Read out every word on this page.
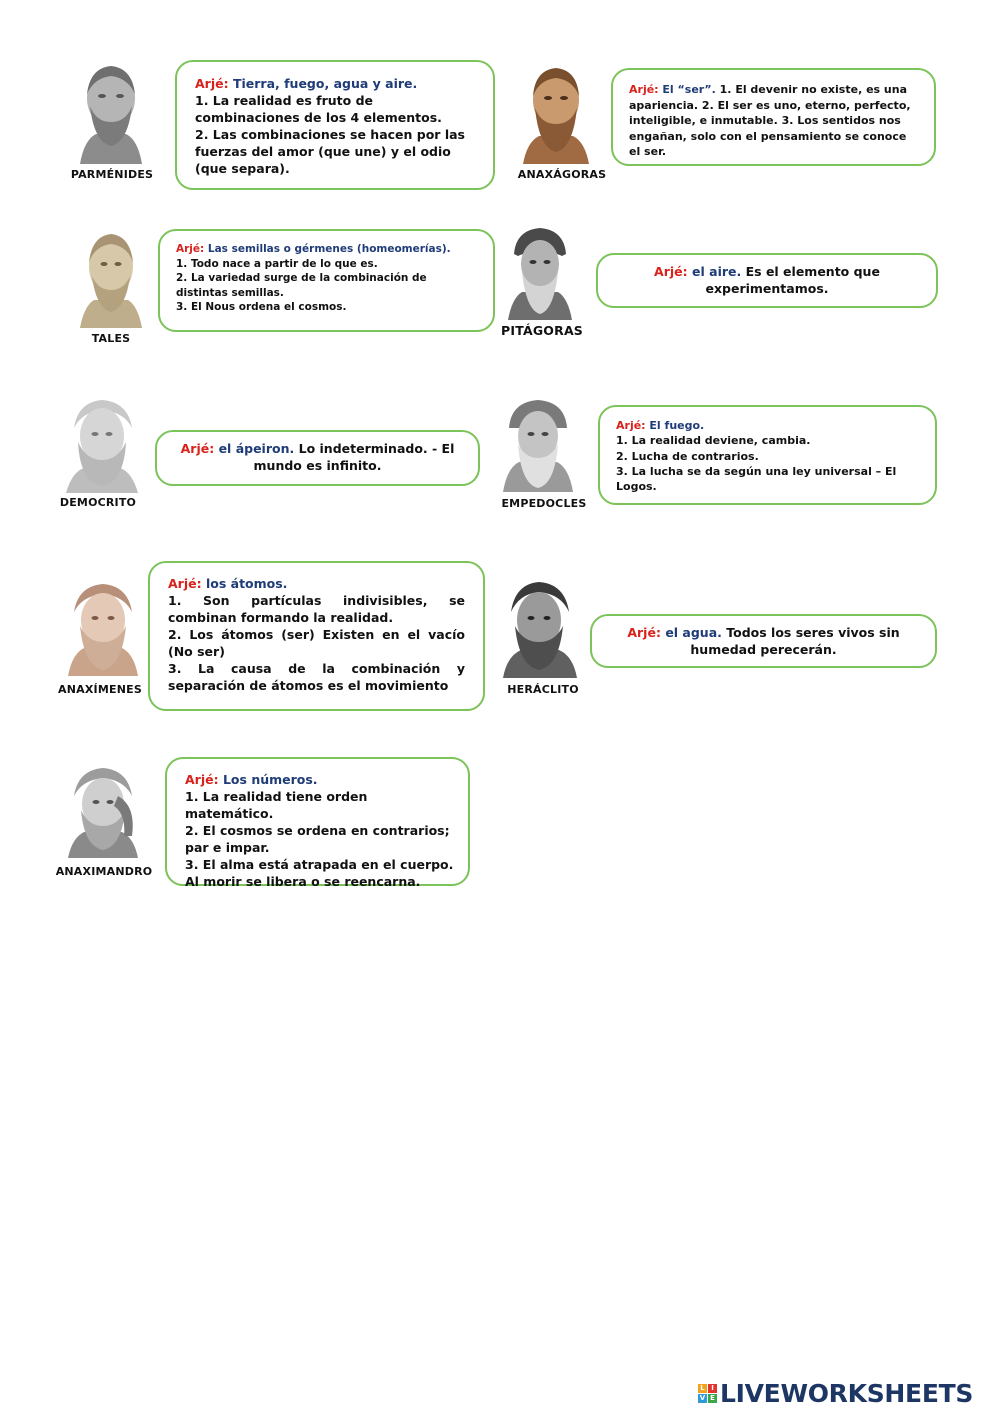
PARMÉNIDES

Arjé: Tierra, fuego, agua y aire.

1. La realidad es fruto de combinaciones de los 4 elementos.

2. Las combinaciones se hacen por las fuerzas del amor (que une) y el odio (que separa).	ANAXÁGORAS

Arjé: El “ser”. 1. El devenir no existe, es una apariencia. 2. El ser es uno, eterno, perfecto, inteligible, e inmutable. 3. Los sentidos nos engañan, solo con el pensamiento se conoce el ser.

TALES

Arjé: Las semillas o gérmenes (homeomerías).

1. Todo nace a partir de lo que es.

2. La variedad surge de la combinación de distintas semillas.

3. El Nous ordena el cosmos.

PITÁGORAS

Arjé: el aire. Es el elemento que experimentamos.

DEMOCRITO

Arjé: el ápeiron. Lo indeterminado. - El mundo es infinito.

EMPEDOCLES

Arjé: El fuego.

1. La realidad deviene, cambia.

2. Lucha de contrarios.

3. La lucha se da según una ley universal – El Logos.

ANAXÍMENES

Arjé: los átomos.

1. Son partículas indivisibles, se combinan formando la realidad.

2. Los átomos (ser) Existen en el vacío (No ser)

3. La causa de la combinación y separación de átomos es el movimiento	HERÁCLITO

Arjé: el agua. Todos los seres vivos sin humedad perecerán.

ANAXIMANDRO

Arjé: Los números.

1. La realidad tiene orden matemático.

2. El cosmos se ordena en contrarios;

par e impar.

3. El alma está atrapada en el cuerpo.

Al morir se libera o se reencarna.

L I
V E LIVEWORKSHEETS
